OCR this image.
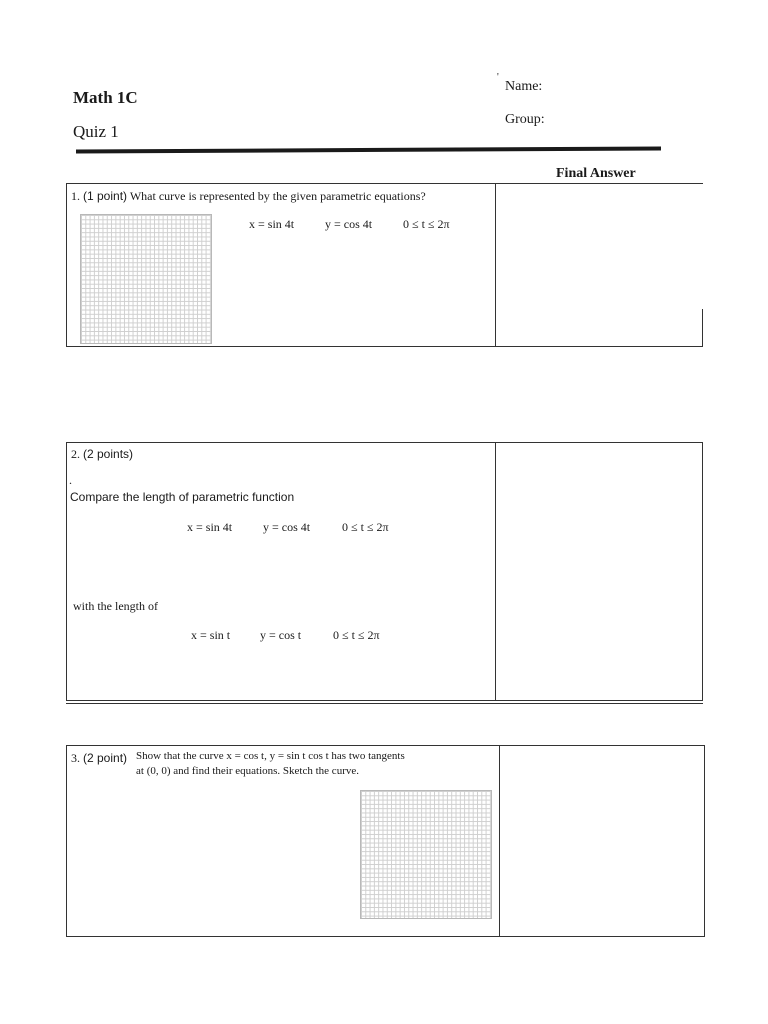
Math 1C
Quiz 1
'
Name:
Group:
Final Answer
1. (1 point) What curve is represented by the given parametric equations?
x = sin 4t	y = cos 4t	0 ≤ t ≤ 2π
2. (2 points)
.
Compare the length of parametric function
x = sin 4t	y = cos 4t	0 ≤ t ≤ 2π
with the length of
x = sin t y = cos t	0 ≤ t ≤ 2π
3. (2 point) Show that the curve x = cos t, y = sin t cos t has two tangents
at (0, 0) and find their equations. Sketch the curve.
